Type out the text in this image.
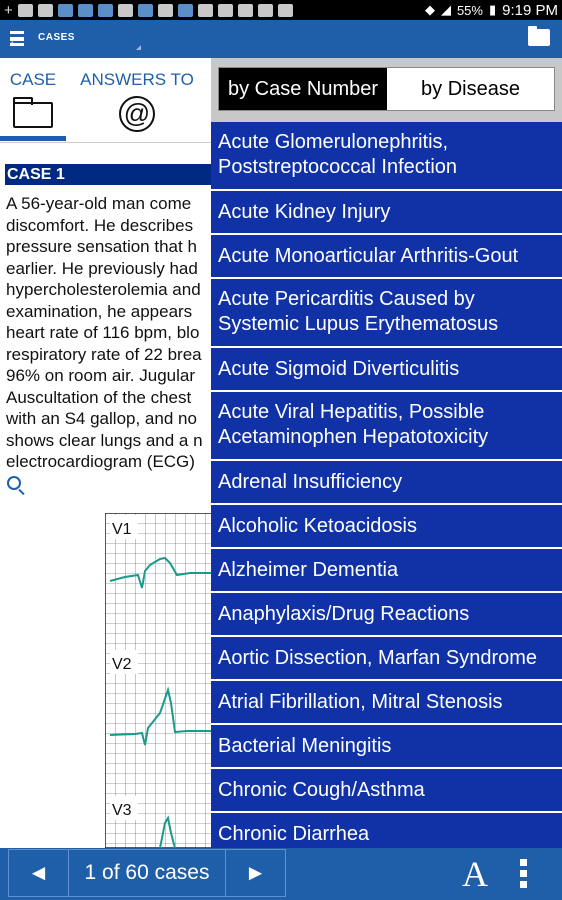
+	◆ ◢ 55% ▮ 9:19 PM
CASES
CASE	ANSWERS TO
@
CASE 1
A 56-year-old man come
discomfort. He describes
pressure sensation that h
earlier. He previously had
hypercholesterolemia and
examination, he appears
heart rate of 116 bpm, blo
respiratory rate of 22 brea
96% on room air. Jugular
Auscultation of the chest
with an S4 gallop, and no
shows clear lungs and a n
electrocardiogram (ECG)
V1
V2
V3
by Case Number	by Disease
Acute Glomerulonephritis, Poststreptococcal Infection
Acute Kidney Injury
Acute Monoarticular Arthritis-Gout
Acute Pericarditis Caused by Systemic Lupus Erythematosus
Acute Sigmoid Diverticulitis
Acute Viral Hepatitis, Possible Acetaminophen Hepatotoxicity
Adrenal Insufficiency
Alcoholic Ketoacidosis
Alzheimer Dementia
Anaphylaxis/Drug Reactions
Aortic Dissection, Marfan Syndrome
Atrial Fibrillation, Mitral Stenosis
Bacterial Meningitis
Chronic Cough/Asthma
Chronic Diarrhea
◄	1 of 60 cases	►	A
